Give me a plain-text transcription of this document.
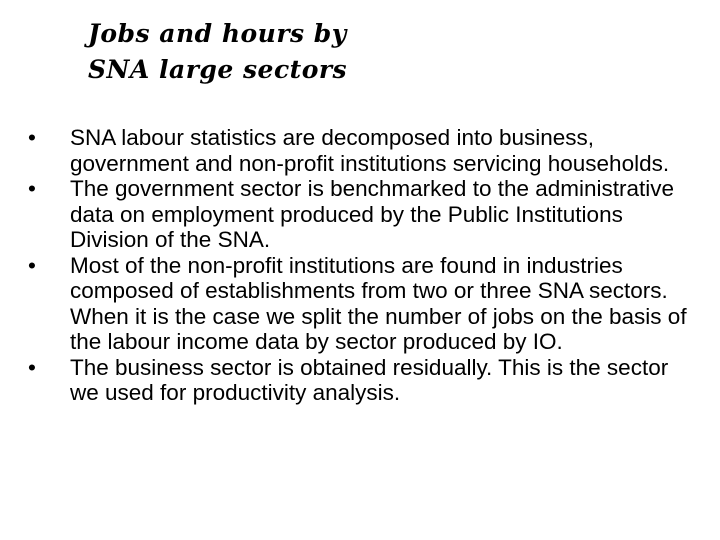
Jobs and hours by
SNA large sectors
• SNA labour statistics are decomposed into business, government and non-profit institutions servicing households.
• The government sector is benchmarked to the administrative data on employment produced by the Public Institutions Division of the SNA.
• Most of the non-profit institutions are found in industries composed of establishments from two or three SNA sectors. When it is the case we split the number of jobs on the basis of the labour income data by sector produced by IO.
• The business sector is obtained residually. This is the sector we used for productivity analysis.
